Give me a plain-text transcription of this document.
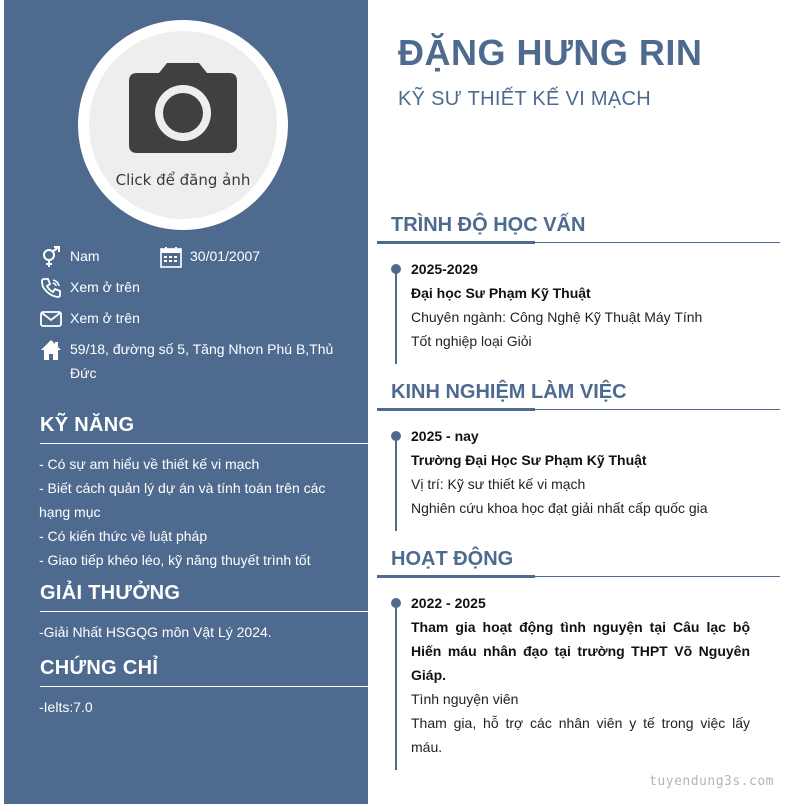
Click để đăng ảnh
Nam	30/01/2007
Xem ở trên
Xem ở trên
59/18, đường số 5, Tăng Nhơn Phú B,Thủ Đức
KỸ NĂNG
- Có sự am hiểu về thiết kế vi mạch
- Biết cách quản lý dự án và tính toán trên các hạng mục
- Có kiến thức về luật pháp
- Giao tiếp khéo léo, kỹ năng thuyết trình tốt
GIẢI THƯỞNG
-Giải Nhất HSGQG môn Vật Lý 2024.
CHỨNG CHỈ
-Ielts:7.0
ĐẶNG HƯNG RIN
KỸ SƯ THIẾT KẾ VI MẠCH
TRÌNH ĐỘ HỌC VẤN
2025-2029
Đại học Sư Phạm Kỹ Thuật
Chuyên ngành: Công Nghệ Kỹ Thuật Máy Tính
Tốt nghiệp loại Giỏi
KINH NGHIỆM LÀM VIỆC
2025 - nay
Trường Đại Học Sư Phạm Kỹ Thuật
Vị trí: Kỹ sư thiết kế vi mạch
Nghiên cứu khoa học đạt giải nhất cấp quốc gia
HOẠT ĐỘNG
2022 - 2025
Tham gia hoạt động tình nguyện tại Câu lạc bộ Hiến máu nhân đạo tại trường THPT Võ Nguyên Giáp.
Tình nguyện viên
Tham gia, hỗ trợ các nhân viên y tế trong việc lấy máu.
tuyendung3s.com
